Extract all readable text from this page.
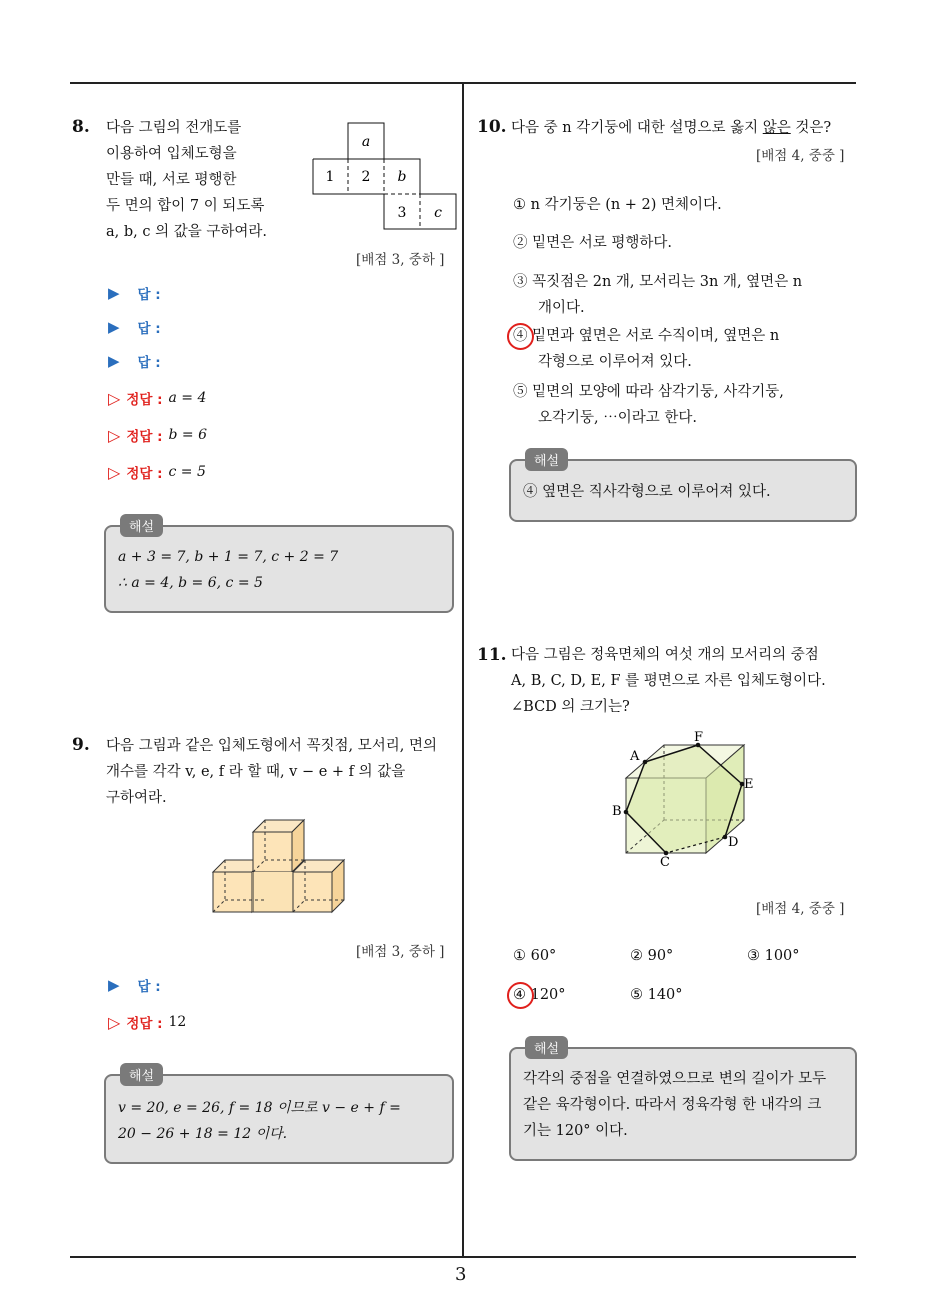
3
8. 다음 그림의 전개도를
이용하여 입체도형을
만들 때, 서로 평행한
두 면의 합이 7 이 되도록
a, b, c 의 값을 구하여라.
a
1 2 b
3 c
[배점 3, 중하 ]
▶ 답 :
▶ 답 :
▶ 답 :
▷ 정답 : a = 4
▷ 정답 : b = 6
▷ 정답 : c = 5
해설
a + 3 = 7, b + 1 = 7, c + 2 = 7
∴ a = 4, b = 6, c = 5
9. 다음 그림과 같은 입체도형에서 꼭짓점, 모서리, 면의
개수를 각각 v, e, f 라 할 때, v − e + f 의 값을
구하여라.
[배점 3, 중하 ]
▶ 답 :
▷ 정답 : 12
해설
v = 20, e = 26, f = 18 이므로 v − e + f =
20 − 26 + 18 = 12 이다.
10. 다음 중 n 각기둥에 대한 설명으로 옳지 않은 것은?
[배점 4, 중중 ]
① n 각기둥은 (n + 2) 면체이다.
② 밑면은 서로 평행하다.
③ 꼭짓점은 2n 개, 모서리는 3n 개, 옆면은 n
개이다.
④ 밑면과 옆면은 서로 수직이며, 옆면은 n
각형으로 이루어져 있다.
⑤ 밑면의 모양에 따라 삼각기둥, 사각기둥,
오각기둥, ⋯이라고 한다.
해설
④ 옆면은 직사각형으로 이루어져 있다.
11. 다음 그림은 정육면체의 여섯 개의 모서리의 중점
A, B, C, D, E, F 를 평면으로 자른 입체도형이다.
∠BCD 의 크기는?
A
B
C
D
E
F
[배점 4, 중중 ]
① 60°	② 90°	③ 100°
④ 120°	⑤ 140°
해설
각각의 중점을 연결하였으므로 변의 길이가 모두
같은 육각형이다. 따라서 정육각형 한 내각의 크
기는 120° 이다.
